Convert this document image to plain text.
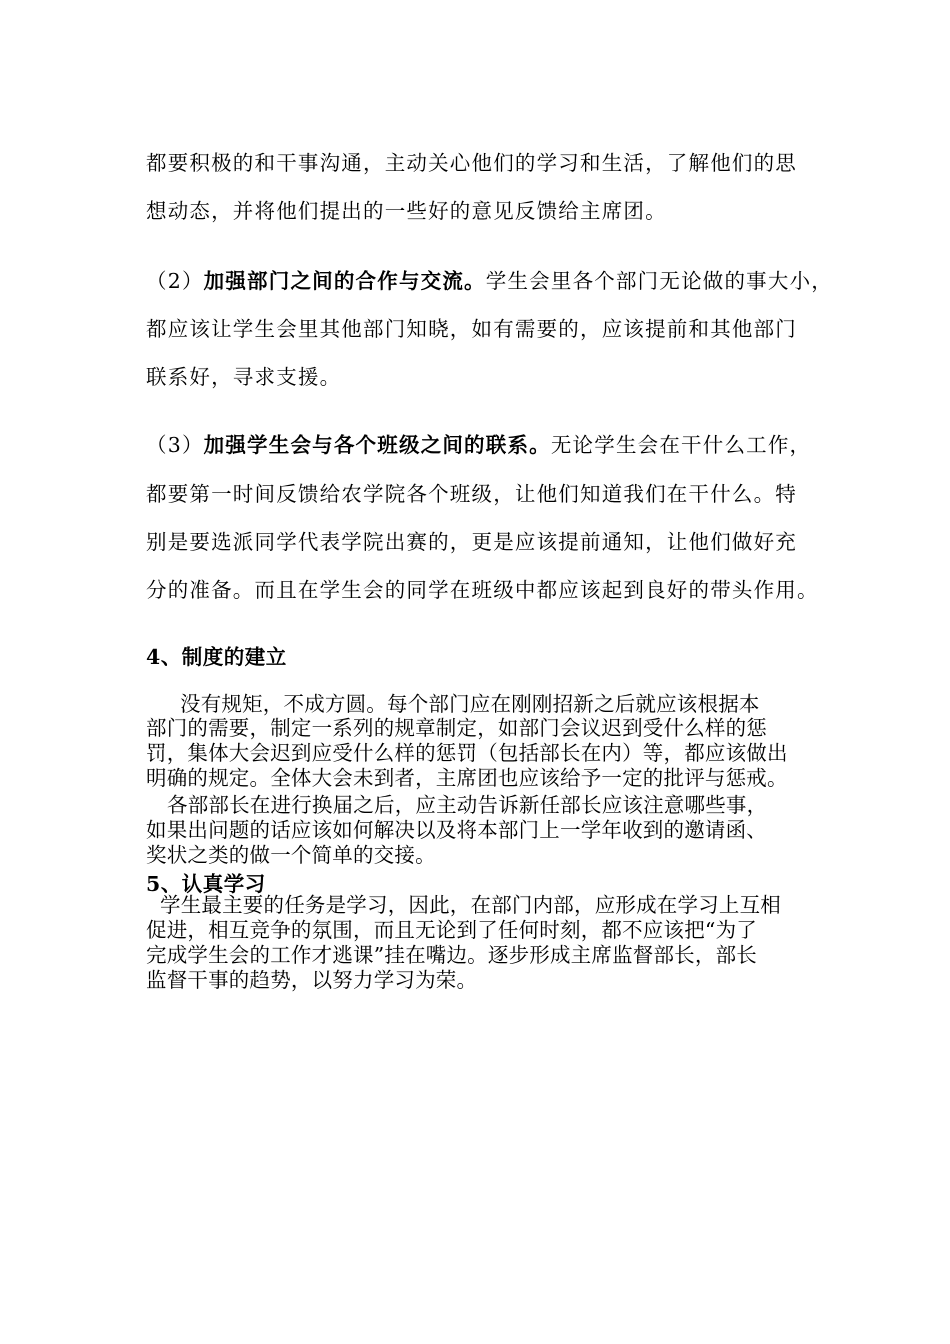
都要积极的和干事沟通，主动关心他们的学习和生活，了解他们的思

想动态，并将他们提出的一些好的意见反馈给主席团。

（2）加强部门之间的合作与交流。学生会里各个部门无论做的事大小，

都应该让学生会里其他部门知晓，如有需要的，应该提前和其他部门

联系好，寻求支援。

（3）加强学生会与各个班级之间的联系。无论学生会在干什么工作，

都要第一时间反馈给农学院各个班级，让他们知道我们在干什么。特

别是要选派同学代表学院出赛的，更是应该提前通知，让他们做好充

分的准备。而且在学生会的同学在班级中都应该起到良好的带头作用。

4、制度的建立

没有规矩，不成方圆。每个部门应在刚刚招新之后就应该根据本

部门的需要，制定一系列的规章制定，如部门会议迟到受什么样的惩

罚，集体大会迟到应受什么样的惩罚（包括部长在内）等，都应该做出

明确的规定。全体大会未到者，主席团也应该给予一定的批评与惩戒。

各部部长在进行换届之后，应主动告诉新任部长应该注意哪些事，

如果出问题的话应该如何解决以及将本部门上一学年收到的邀请函、

奖状之类的做一个简单的交接。

5、认真学习

学生最主要的任务是学习，因此，在部门内部，应形成在学习上互相

促进，相互竞争的氛围，而且无论到了任何时刻，都不应该把“为了

完成学生会的工作才逃课”挂在嘴边。逐步形成主席监督部长，部长

监督干事的趋势，以努力学习为荣。
